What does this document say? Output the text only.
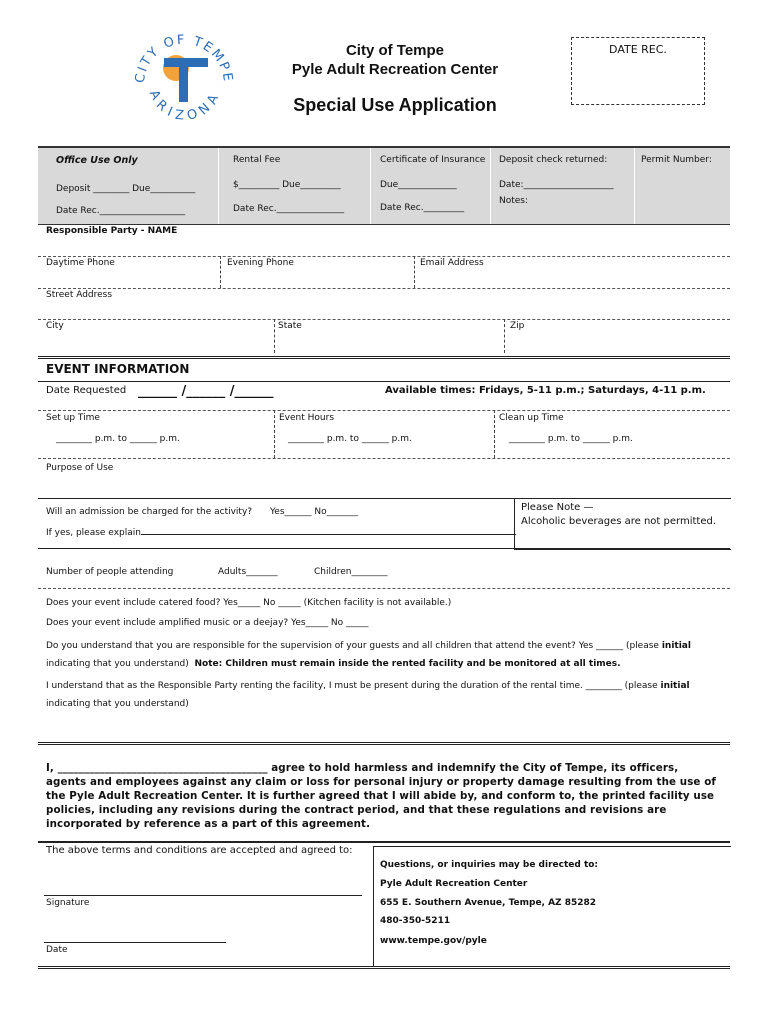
CITY OF TEMPE
ARIZONA
City of Tempe
Pyle Adult Recreation Center
Special Use Application
DATE REC.
Office Use Only
Deposit ________ Due__________
Date Rec.___________________
Rental Fee
$_________ Due_________
Date Rec._______________
Certificate of Insurance
Due_____________
Date Rec._________
Deposit check returned:
Date:____________________
Notes:
Permit Number:
Responsible Party - NAME
Daytime Phone	Evening Phone	Email Address
Street Address
City	State	Zip
EVENT INFORMATION
Date Requested ______ /______ /______	Available times: Fridays, 5-11 p.m.; Saturdays, 4-11 p.m.
Set up Time
________ p.m. to ______ p.m.
Event Hours
________ p.m. to ______ p.m.
Clean up Time
________ p.m. to ______ p.m.
Purpose of Use
Will an admission be charged for the activity? Yes______ No_______
If yes, please explain
Please Note —
Alcoholic beverages are not permitted.
Number of people attending	Adults_______	Children________
Does your event include catered food? Yes_____ No _____ (Kitchen facility is not available.)
Does your event include amplified music or a deejay? Yes_____ No _____
Do you understand that you are responsible for the supervision of your guests and all children that attend the event? Yes ______ (please initial
indicating that you understand) Note: Children must remain inside the rented facility and be monitored at all times.
I understand that as the Responsible Party renting the facility, I must be present during the duration of the rental time. ________ (please initial
indicating that you understand)
I, ________________________________________ agree to hold harmless and indemnify the City of Tempe, its officers, agents and employees against any claim or loss for personal injury or property damage resulting from the use of the Pyle Adult Recreation Center. It is further agreed that I will abide by, and conform to, the printed facility use policies, including any revisions during the contract period, and that these regulations and revisions are incorporated by reference as a part of this agreement.
The above terms and conditions are accepted and agreed to:
Signature
Date
Questions, or inquiries may be directed to:
Pyle Adult Recreation Center
655 E. Southern Avenue, Tempe, AZ 85282
480-350-5211
www.tempe.gov/pyle
